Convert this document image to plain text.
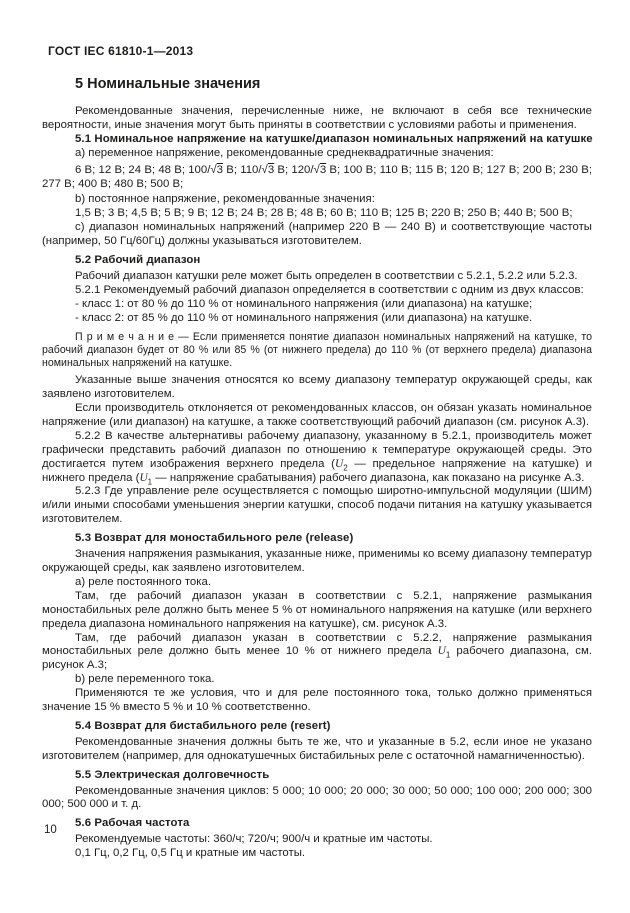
ГОСТ IEC 61810-1—2013
5 Номинальные значения
Рекомендованные значения, перечисленные ниже, не включают в себя все технические вероятности, иные значения могут быть приняты в соответствии с условиями работы и применения.
5.1 Номинальное напряжение на катушке/диапазон номинальных напряжений на катушке
а) переменное напряжение, рекомендованные среднеквадратичные значения:
6 В; 12 В; 24 В; 48 В; 100/√3 В; 110/√3 В; 120/√3 В; 100 В; 110 В; 115 В; 120 В; 127 В; 200 В; 230 В; 277 В; 400 В; 480 В; 500 В;
b) постоянное напряжение, рекомендованные значения:
1,5 В; 3 В; 4,5 В; 5 В; 9 В; 12 В; 24 В; 28 В; 48 В; 60 В; 110 В; 125 В; 220 В; 250 В; 440 В; 500 В;
с) диапазон номинальных напряжений (например 220 В — 240 В) и соответствующие частоты (например, 50 Гц/60Гц) должны указываться изготовителем.
5.2 Рабочий диапазон
Рабочий диапазон катушки реле может быть определен в соответствии с 5.2.1, 5.2.2 или 5.2.3.
5.2.1 Рекомендуемый рабочий диапазон определяется в соответствии с одним из двух классов:
- класс 1: от 80 % до 110 % от номинального напряжения (или диапазона) на катушке;
- класс 2: от 85 % до 110 % от номинального напряжения (или диапазона) на катушке.
П р и м е ч а н и е — Если применяется понятие диапазон номинальных напряжений на катушке, то рабочий диапазон будет от 80 % или 85 % (от нижнего предела) до 110 % (от верхнего предела) диапазона номинальных напряжений на катушке.
Указанные выше значения относятся ко всему диапазону температур окружающей среды, как заявлено изготовителем.
Если производитель отклоняется от рекомендованных классов, он обязан указать номинальное напряжение (или диапазон) на катушке, а также соответствующий рабочий диапазон (см. рисунок А.3).
5.2.2 В качестве альтернативы рабочему диапазону, указанному в 5.2.1, производитель может графически представить рабочий диапазон по отношению к температуре окружающей среды. Это достигается путем изображения верхнего предела ($U_2$ — предельное напряжение на катушке) и нижнего предела ($U_1$ — напряжение срабатывания) рабочего диапазона, как показано на рисунке А.3.
5.2.3 Где управление реле осуществляется с помощью широтно-импульсной модуляции (ШИМ) и/или иными способами уменьшения энергии катушки, способ подачи питания на катушку указывается изготовителем.
5.3 Возврат для моностабильного реле (release)
Значения напряжения размыкания, указанные ниже, применимы ко всему диапазону температур окружающей среды, как заявлено изготовителем.
а) реле постоянного тока.
Там, где рабочий диапазон указан в соответствии с 5.2.1, напряжение размыкания моностабильных реле должно быть менее 5 % от номинального напряжения на катушке (или верхнего предела диапазона номинального напряжения на катушке), см. рисунок А.3.
Там, где рабочий диапазон указан в соответствии с 5.2.2, напряжение размыкания моностабильных реле должно быть менее 10 % от нижнего предела $U_1$ рабочего диапазона, см. рисунок А.3;
b) реле переменного тока.
Применяются те же условия, что и для реле постоянного тока, только должно применяться значение 15 % вместо 5 % и 10 % соответственно.
5.4 Возврат для бистабильного реле (resert)
Рекомендованные значения должны быть те же, что и указанные в 5.2, если иное не указано изготовителем (например, для однокатушечных бистабильных реле с остаточной намагниченностью).
5.5 Электрическая долговечность
Рекомендованные значения циклов: 5 000; 10 000; 20 000; 30 000; 50 000; 100 000; 200 000; 300 000; 500 000 и т. д.
5.6 Рабочая частота
Рекомендуемые частоты: 360/ч; 720/ч; 900/ч и кратные им частоты.
0,1 Гц, 0,2 Гц, 0,5 Гц и кратные им частоты.
10
